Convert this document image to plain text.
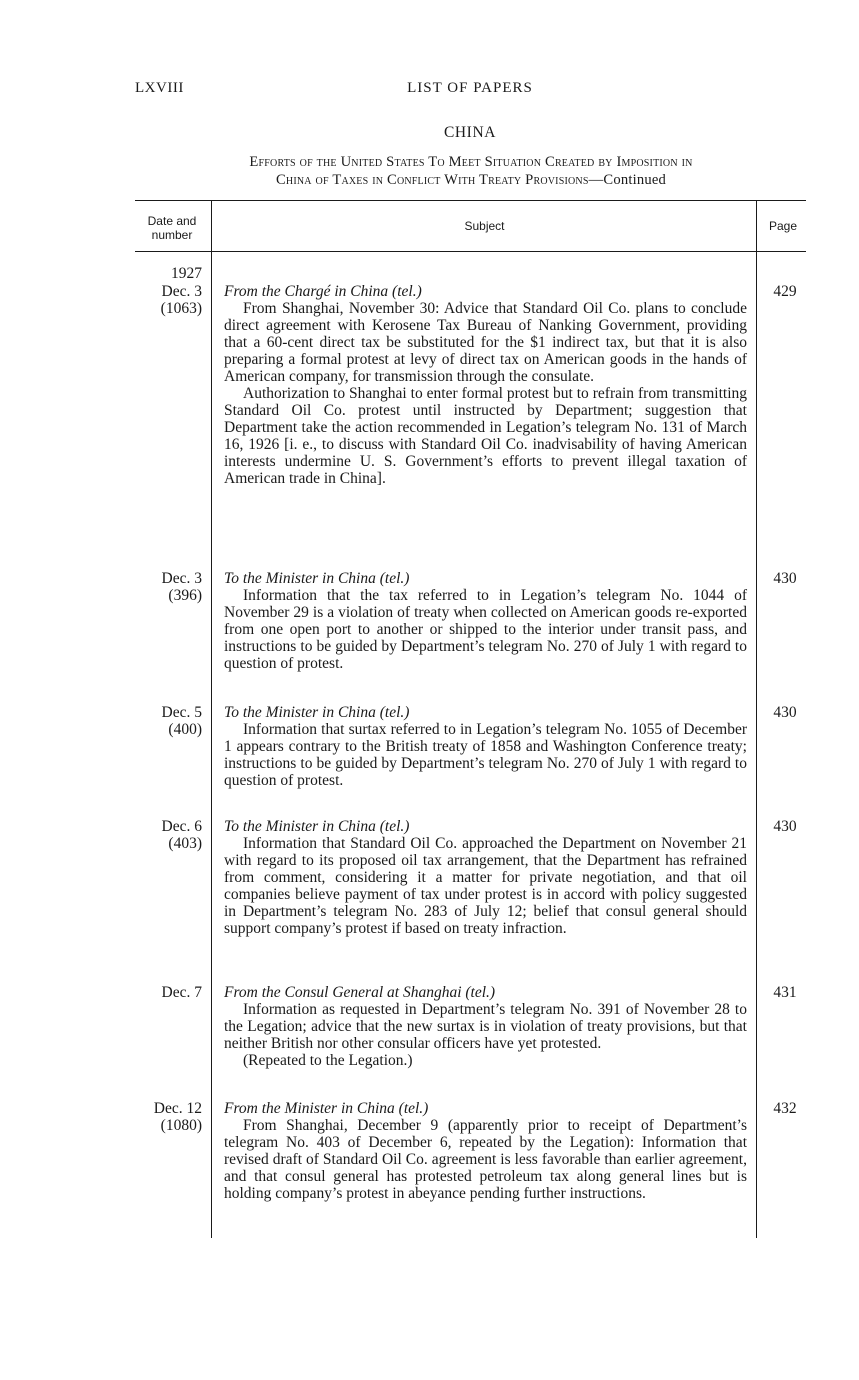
LXVIII	LIST OF PAPERS
CHINA
Efforts of the United States To Meet Situation Created by Imposition in
China of Taxes in Conflict With Treaty Provisions—Continued
Date and
number
Subject	Page
1927
Dec. 3
(1063)

From the Chargé in China (tel.)

From Shanghai, November 30: Advice that Standard Oil Co. plans to conclude direct agreement with Kerosene Tax Bureau of Nanking Government, providing that a 60-cent direct tax be substituted for the $1 indirect tax, but that it is also preparing a formal protest at levy of direct tax on American goods in the hands of American company, for transmission through the consulate.

Authorization to Shanghai to enter formal protest but to refrain from transmitting Standard Oil Co. protest until instructed by Department; suggestion that Department take the action recommended in Legation’s telegram No. 131 of March 16, 1926 [i. e., to discuss with Standard Oil Co. inadvisability of having American interests undermine U. S. Government’s efforts to prevent illegal taxation of American trade in China].

429
Dec. 3
(396)

To the Minister in China (tel.)

Information that the tax referred to in Legation’s telegram No. 1044 of November 29 is a violation of treaty when collected on American goods re-exported from one open port to another or shipped to the interior under transit pass, and instructions to be guided by Department’s telegram No. 270 of July 1 with regard to question of protest.

430
Dec. 5
(400)

To the Minister in China (tel.)

Information that surtax referred to in Legation’s telegram No. 1055 of December 1 appears contrary to the British treaty of 1858 and Washington Conference treaty; instructions to be guided by Department’s telegram No. 270 of July 1 with regard to question of protest.

430
Dec. 6
(403)

To the Minister in China (tel.)

Information that Standard Oil Co. approached the Department on November 21 with regard to its proposed oil tax arrangement, that the Department has refrained from comment, considering it a matter for private negotiation, and that oil companies believe payment of tax under protest is in accord with policy suggested in Department’s telegram No. 283 of July 12; belief that consul general should support company’s protest if based on treaty infraction.

430
Dec. 7 From the Consul General at Shanghai (tel.)

Information as requested in Department’s telegram No. 391 of November 28 to the Legation; advice that the new surtax is in violation of treaty provisions, but that neither British nor other consular officers have yet protested.

(Repeated to the Legation.)

431
Dec. 12
(1080)

From the Minister in China (tel.)

From Shanghai, December 9 (apparently prior to receipt of Department’s telegram No. 403 of December 6, repeated by the Legation): Information that revised draft of Standard Oil Co. agreement is less favorable than earlier agreement, and that consul general has protested petroleum tax along general lines but is holding company’s protest in abeyance pending further instructions.

432
